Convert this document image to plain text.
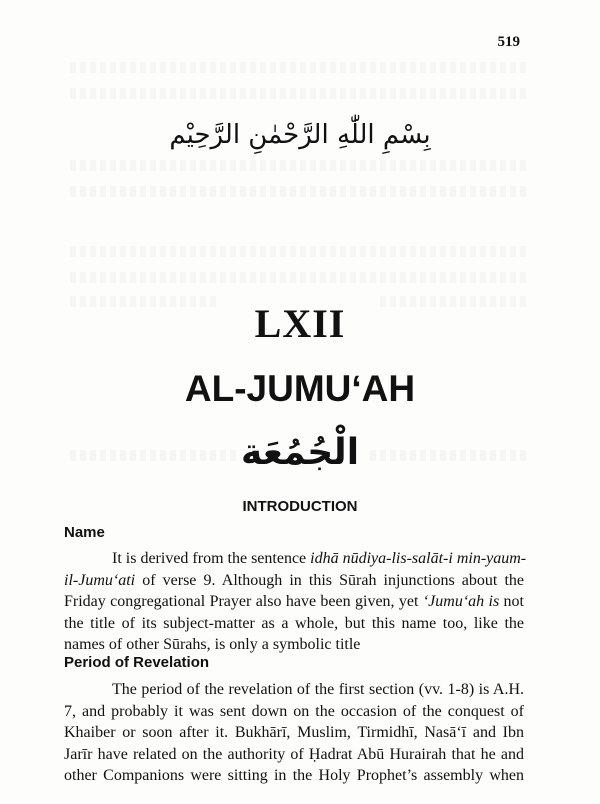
519
بِسْمِ اللّٰهِ الرَّحْمٰنِ الرَّحِيْم
LXII
AL-JUMU‘AH
الْجُمُعَة
INTRODUCTION
Name
It is derived from the sentence idhā nūdiya-lis-salāt-i min-yaum-
il-Jumu‘ati of verse 9. Although in this Sūrah injunctions about the
Friday congregational Prayer also have been given, yet ‘Jumu‘ah is not
the title of its subject-matter as a whole, but this name too, like the
names of other Sūrahs, is only a symbolic title
Period of Revelation
The period of the revelation of the first section (vv. 1-8) is A.H.
7, and probably it was sent down on the occasion of the conquest of
Khaiber or soon after it. Bukhārī, Muslim, Tirmidhī, Nasā‘ī and Ibn
Jarīr have related on the authority of Ḥadrat Abū Hurairah that he and
other Companions were sitting in the Holy Prophet’s assembly when
